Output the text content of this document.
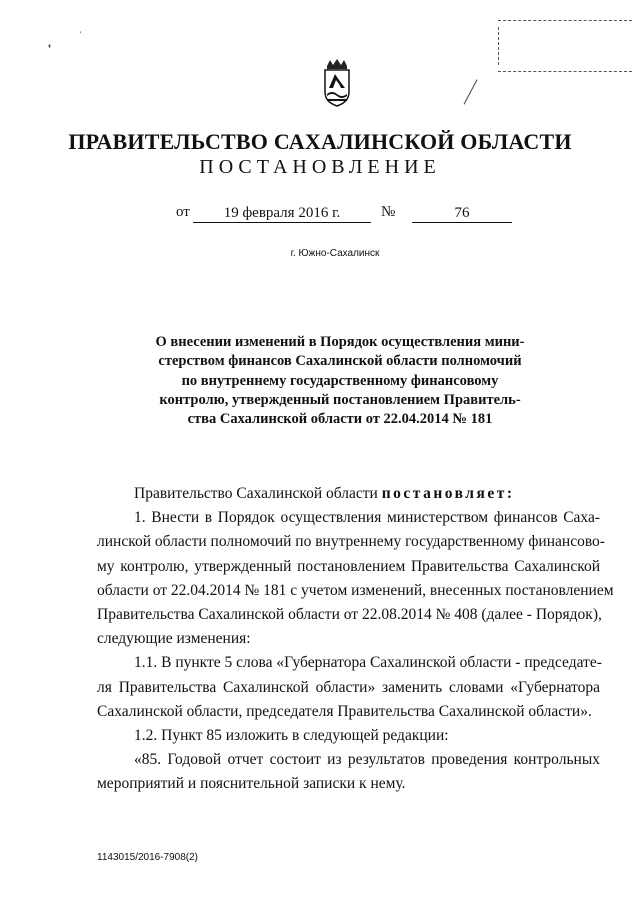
❜
'
ПРАВИТЕЛЬСТВО САХАЛИНСКОЙ ОБЛАСТИ
ПОСТАНОВЛЕНИЕ
от	19 февраля 2016 г.	№	76
г. Южно-Сахалинск
О внесении изменений в Порядок осуществления мини-
стерством финансов Сахалинской области полномочий
по внутреннему государственному финансовому
контролю, утвержденный постановлением Правитель-
ства Сахалинской области от 22.04.2014 № 181
Правительство Сахалинской области постановляет:
1. Внести в Порядок осуществления министерством финансов Саха-
линской области полномочий по внутреннему государственному финансово-
му контролю, утвержденный постановлением Правительства Сахалинской
области от 22.04.2014 № 181 с учетом изменений, внесенных постановлением
Правительства Сахалинской области от 22.08.2014 № 408 (далее - Порядок),
следующие изменения:
1.1. В пункте 5 слова «Губернатора Сахалинской области - председате-
ля Правительства Сахалинской области» заменить словами «Губернатора
Сахалинской области, председателя Правительства Сахалинской области».
1.2. Пункт 85 изложить в следующей редакции:
«85. Годовой отчет состоит из результатов проведения контрольных
мероприятий и пояснительной записки к нему.
1143015/2016-7908(2)
